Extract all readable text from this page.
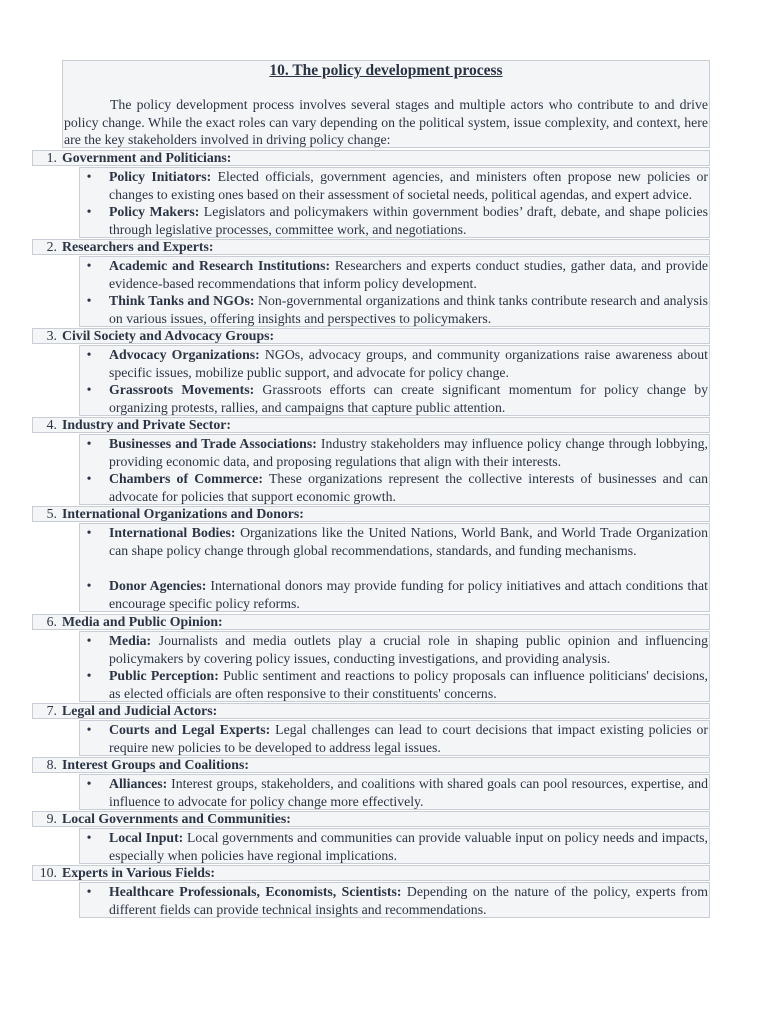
10. The policy development process
The policy development process involves several stages and multiple actors who contribute to and drive policy change. While the exact roles can vary depending on the political system, issue complexity, and context, here are the key stakeholders involved in driving policy change:
1. Government and Politicians:
• Policy Initiators: Elected officials, government agencies, and ministers often propose new policies or changes to existing ones based on their assessment of societal needs, political agendas, and expert advice.
• Policy Makers: Legislators and policymakers within government bodies’ draft, debate, and shape policies through legislative processes, committee work, and negotiations.
2. Researchers and Experts:
• Academic and Research Institutions: Researchers and experts conduct studies, gather data, and provide evidence-based recommendations that inform policy development.
• Think Tanks and NGOs: Non-governmental organizations and think tanks contribute research and analysis on various issues, offering insights and perspectives to policymakers.
3. Civil Society and Advocacy Groups:
• Advocacy Organizations: NGOs, advocacy groups, and community organizations raise awareness about specific issues, mobilize public support, and advocate for policy change.
• Grassroots Movements: Grassroots efforts can create significant momentum for policy change by organizing protests, rallies, and campaigns that capture public attention.
4. Industry and Private Sector:
• Businesses and Trade Associations: Industry stakeholders may influence policy change through lobbying, providing economic data, and proposing regulations that align with their interests.
• Chambers of Commerce: These organizations represent the collective interests of businesses and can advocate for policies that support economic growth.
5. International Organizations and Donors:
• International Bodies: Organizations like the United Nations, World Bank, and World Trade Organization can shape policy change through global recommendations, standards, and funding mechanisms.
• Donor Agencies: International donors may provide funding for policy initiatives and attach conditions that encourage specific policy reforms.
6. Media and Public Opinion:
• Media: Journalists and media outlets play a crucial role in shaping public opinion and influencing policymakers by covering policy issues, conducting investigations, and providing analysis.
• Public Perception: Public sentiment and reactions to policy proposals can influence politicians' decisions, as elected officials are often responsive to their constituents' concerns.
7. Legal and Judicial Actors:
• Courts and Legal Experts: Legal challenges can lead to court decisions that impact existing policies or require new policies to be developed to address legal issues.
8. Interest Groups and Coalitions:
• Alliances: Interest groups, stakeholders, and coalitions with shared goals can pool resources, expertise, and influence to advocate for policy change more effectively.
9. Local Governments and Communities:
• Local Input: Local governments and communities can provide valuable input on policy needs and impacts, especially when policies have regional implications.
10. Experts in Various Fields:
• Healthcare Professionals, Economists, Scientists: Depending on the nature of the policy, experts from different fields can provide technical insights and recommendations.
